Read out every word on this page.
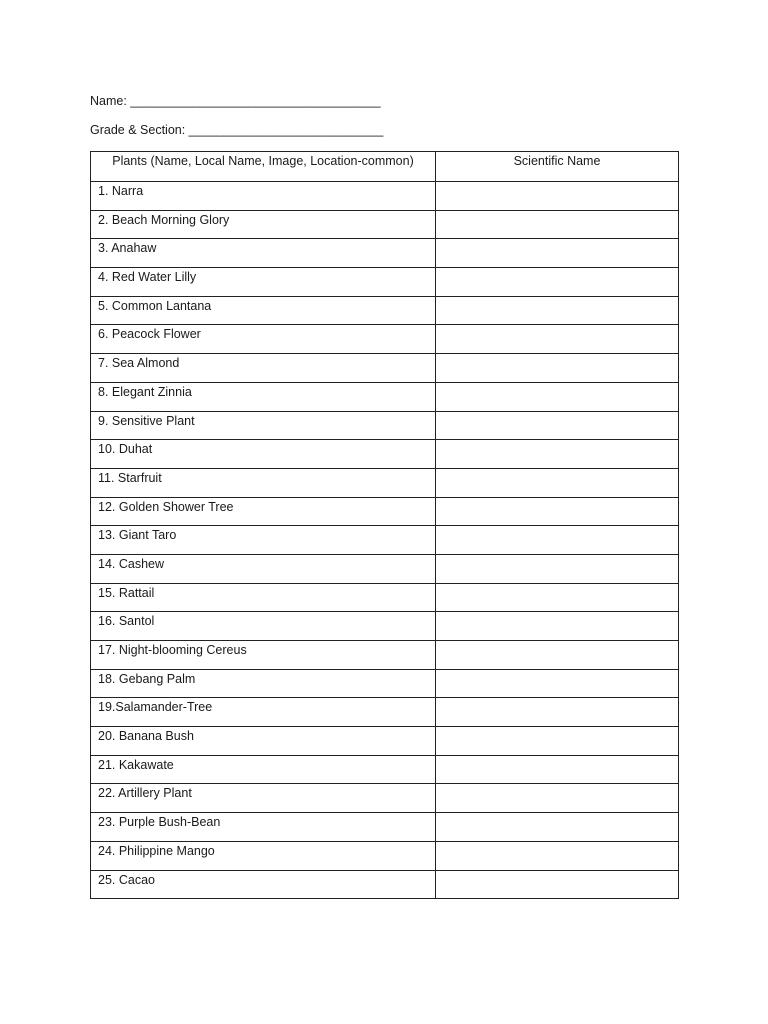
Name: ____________________________________
Grade & Section: ____________________________
Plants (Name, Local Name, Image, Location-common)	Scientific Name
1. Narra	
2. Beach Morning Glory	
3. Anahaw	
4. Red Water Lilly	
5. Common Lantana	
6. Peacock Flower	
7. Sea Almond	
8. Elegant Zinnia	
9. Sensitive Plant	
10. Duhat	
11. Starfruit	
12. Golden Shower Tree	
13. Giant Taro	
14. Cashew	
15. Rattail	
16. Santol	
17. Night-blooming Cereus	
18. Gebang Palm	
19.Salamander-Tree	
20. Banana Bush	
21. Kakawate	
22. Artillery Plant	
23. Purple Bush-Bean	
24. Philippine Mango	
25. Cacao	
